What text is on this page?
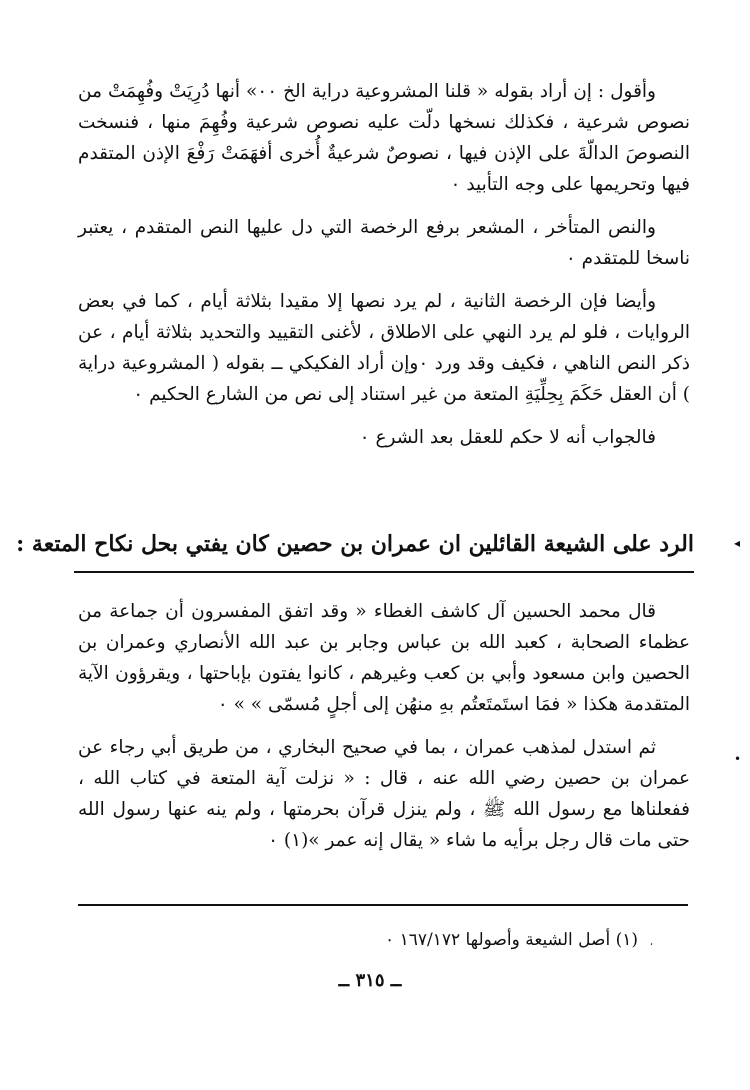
وأقول : إن أراد بقوله « قلنا المشروعية دراية الخ ٠٠» أنها دُرِيَتْ وفُهِمَتْ من نصوص شرعية ، فكذلك نسخها دلّت عليه نصوص شرعية وفُهِمَ منها ، فنسخت النصوصَ الدالّةَ على الإذن فيها ، نصوصٌ شرعيةٌ أُخرى أفهَمَتْ رَفْعَ الإذن المتقدم فيها وتحريمها على وجه التأبيد ٠

والنص المتأخر ، المشعر برفع الرخصة التي دل عليها النص المتقدم ، يعتبر ناسخا للمتقدم ٠

وأيضا فإن الرخصة الثانية ، لم يرد نصها إلا مقيدا بثلاثة أيام ، كما في بعض الروايات ، فلو لم يرد النهي على الاطلاق ، لأغنى التقييد والتحديد بثلاثة أيام ، عن ذكر النص الناهي ، فكيف وقد ورد ٠وإن أراد الفكيكي ــ بقوله ( المشروعية دراية ) أن العقل حَكَمَ بِحِلِّيَةِ المتعة من غير استناد إلى نص من الشارع الحكيم ٠

فالجواب أنه لا حكم للعقل بعد الشرع ٠

◂
الرد على الشيعة القائلين ان عمران بن حصين كان يفتي بحل نكاح المتعة :

قال محمد الحسين آل كاشف الغطاء « وقد اتفق المفسرون أن جماعة من عظماء الصحابة ، كعبد الله بن عباس وجابر بن عبد الله الأنصاري وعمران بن الحصين وابن مسعود وأبي بن كعب وغيرهم ، كانوا يفتون بإباحتها ، ويقرؤون الآية المتقدمة هكذا « فمَا استَمتَعتُم بهِ منهُن إلى أجلٍ مُسمّى » » ٠

ثم استدل لمذهب عمران ، بما في صحيح البخاري ، من طريق أبي رجاء عن عمران بن حصين رضي الله عنه ، قال : « نزلت آية المتعة في كتاب الله ، ففعلناها مع رسول الله ﷺ ، ولم ينزل قرآن بحرمتها ، ولم ينه عنها رسول الله حتى مات قال رجل برأيه ما شاء « يقال إنه عمر »(١) ٠

•
،
(١) أصل الشيعة وأصولها ١٦٧/١٧٢ ٠
ــ ٣١٥ ــ
